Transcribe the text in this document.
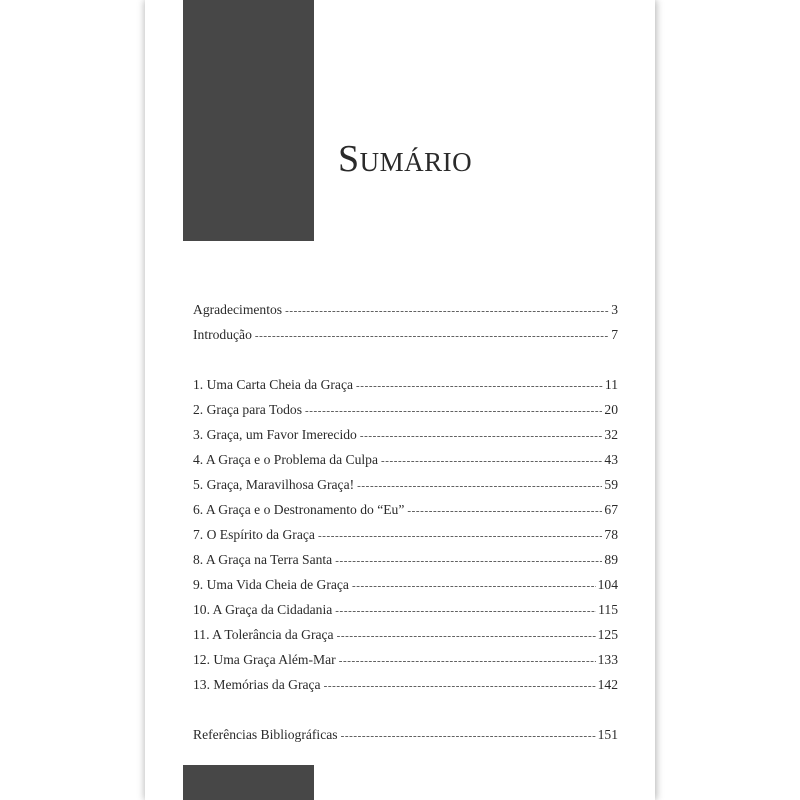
Sumário
Agradecimentos -----	3
Introdução -----	7
1. Uma Carta Cheia da Graça -----	11
2. Graça para Todos -----	20
3. Graça, um Favor Imerecido -----	32
4. A Graça e o Problema da Culpa -----	43
5. Graça, Maravilhosa Graça! -----	59
6. A Graça e o Destronamento do “Eu” -----	67
7. O Espírito da Graça -----	78
8. A Graça na Terra Santa -----	89
9. Uma Vida Cheia de Graça -----	104
10. A Graça da Cidadania -----	115
11. A Tolerância da Graça -----	125
12. Uma Graça Além-Mar -----	133
13. Memórias da Graça -----	142
Referências Bibliográficas -----	151
